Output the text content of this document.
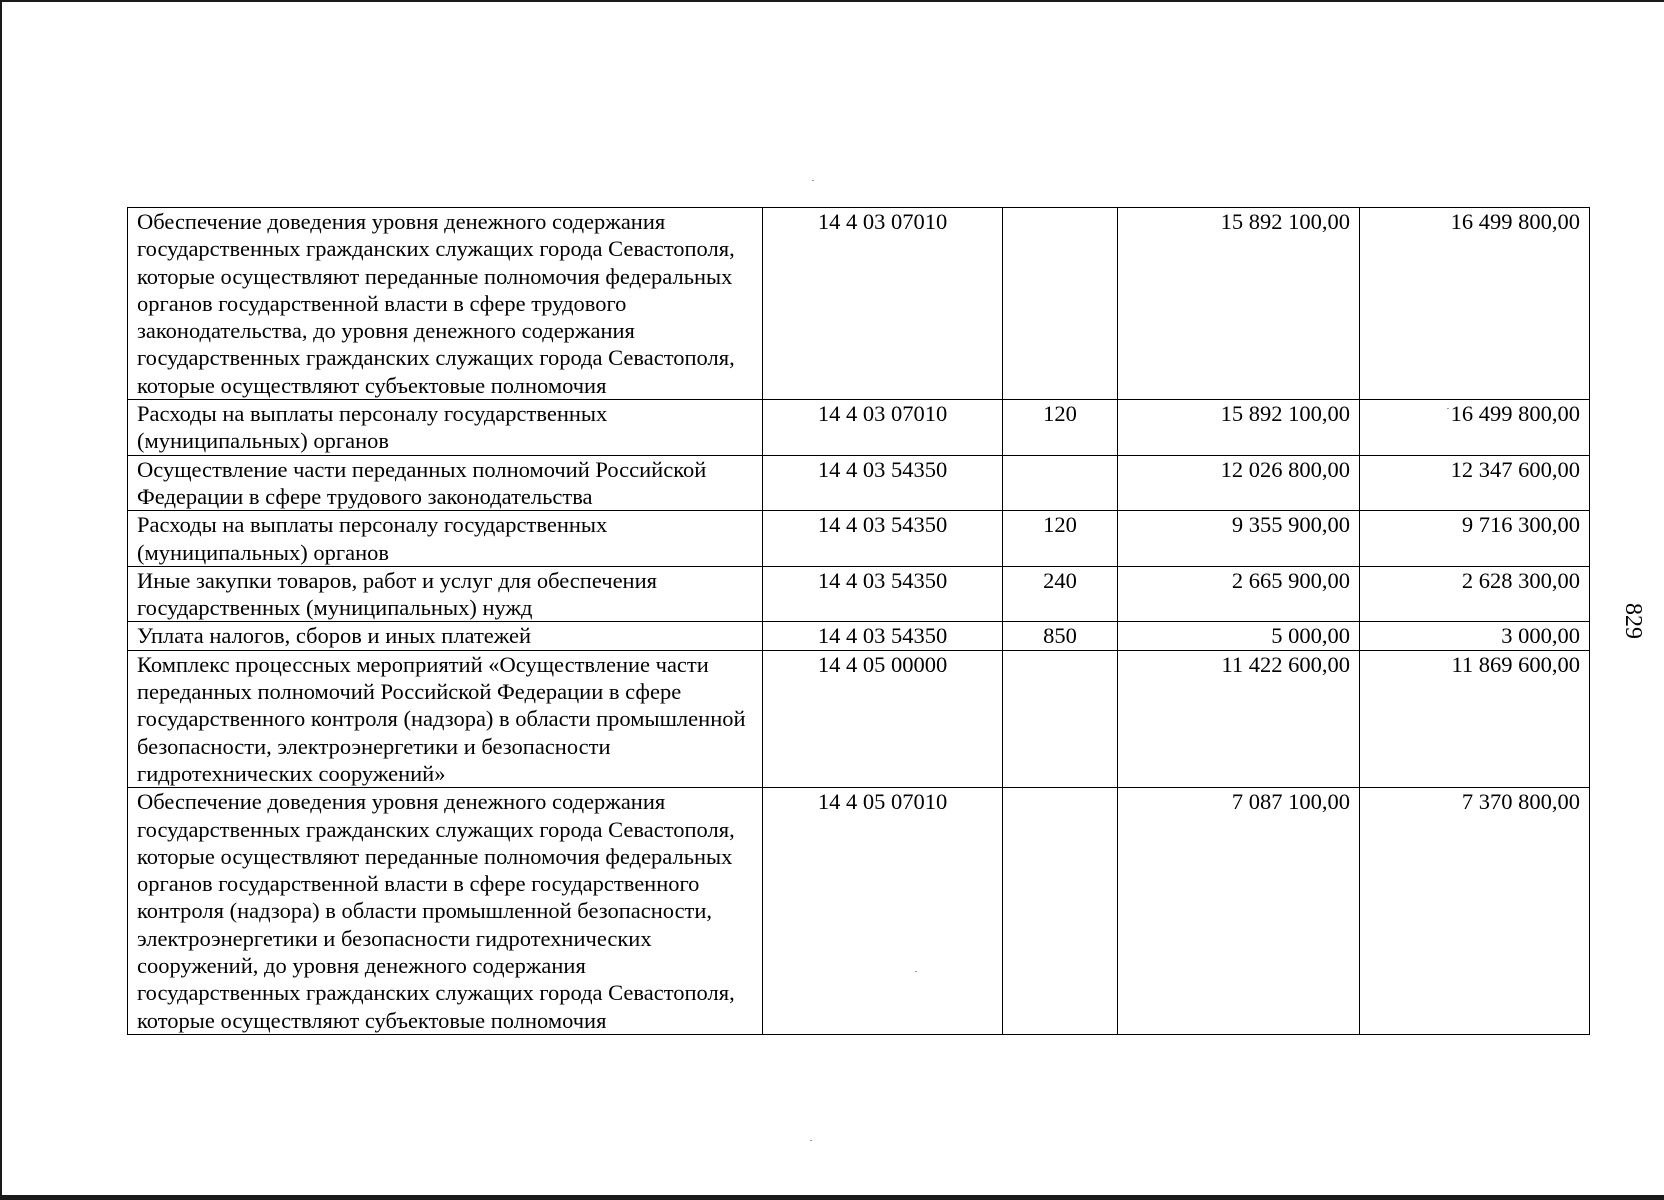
Обеспечение доведения уровня денежного содержания государственных гражданских служащих города Севастополя, которые осуществляют переданные полномочия федеральных органов государственной власти в сфере трудового законодательства, до уровня денежного содержания государственных гражданских служащих города Севастополя, которые осуществляют субъектовые полномочия	14 4 03 07010		15 892 100,00	16 499 800,00
Расходы на выплаты персоналу государственных (муниципальных) органов	14 4 03 07010	120	15 892 100,00	16 499 800,00
Осуществление части переданных полномочий Российской Федерации в сфере трудового законодательства	14 4 03 54350		12 026 800,00	12 347 600,00
Расходы на выплаты персоналу государственных (муниципальных) органов	14 4 03 54350	120	9 355 900,00	9 716 300,00
Иные закупки товаров, работ и услуг для обеспечения государственных (муниципальных) нужд	14 4 03 54350	240	2 665 900,00	2 628 300,00
Уплата налогов, сборов и иных платежей	14 4 03 54350	850	5 000,00	3 000,00
Комплекс процессных мероприятий «Осуществление части переданных полномочий Российской Федерации в сфере государственного контроля (надзора) в области промышленной безопасности, электроэнергетики и безопасности гидротехнических сооружений»	14 4 05 00000		11 422 600,00	11 869 600,00
Обеспечение доведения уровня денежного содержания государственных гражданских служащих города Севастополя, которые осуществляют переданные полномочия федеральных органов государственной власти в сфере государственного контроля (надзора) в области промышленной безопасности, электроэнергетики и безопасности гидротехнических сооружений, до уровня денежного содержания государственных гражданских служащих города Севастополя, которые осуществляют субъектовые полномочия	14 4 05 07010		7 087 100,00	7 370 800,00
829
